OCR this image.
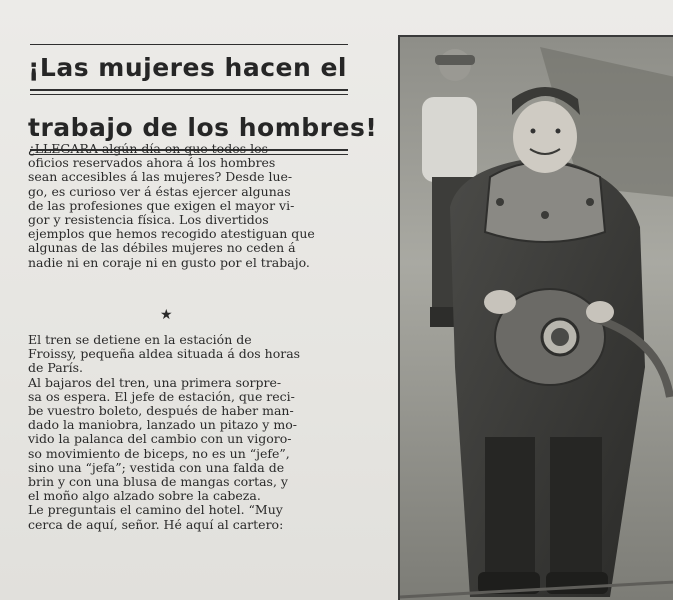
¡Las mujeres hacen el
trabajo de los hombres!

¿LLEGARA algún día en que todos los

oficios reservados ahora á los hombres

sean accesibles á las mujeres? Desde lue-

go, es curioso ver á éstas ejercer algunas

de las profesiones que exigen el mayor vi-

gor y resistencia física. Los divertidos

ejemplos que hemos recogido atestiguan que

algunas de las débiles mujeres no ceden á

nadie ni en coraje ni en gusto por el trabajo.

★

El tren se detiene en la estación de

Froissy, pequeña aldea situada á dos horas

de París.

Al bajaros del tren, una primera sorpre-

sa os espera. El jefe de estación, que reci-

be vuestro boleto, después de haber man-

dado la maniobra, lanzado un pitazo y mo-

vido la palanca del cambio con un vigoro-

so movimiento de biceps, no es un “jefe”,

sino una “jefa”; vestida con una falda de

brin y con una blusa de mangas cortas, y

el moño algo alzado sobre la cabeza.

Le preguntais el camino del hotel. “Muy

cerca de aquí, señor. Hé aquí al cartero:
